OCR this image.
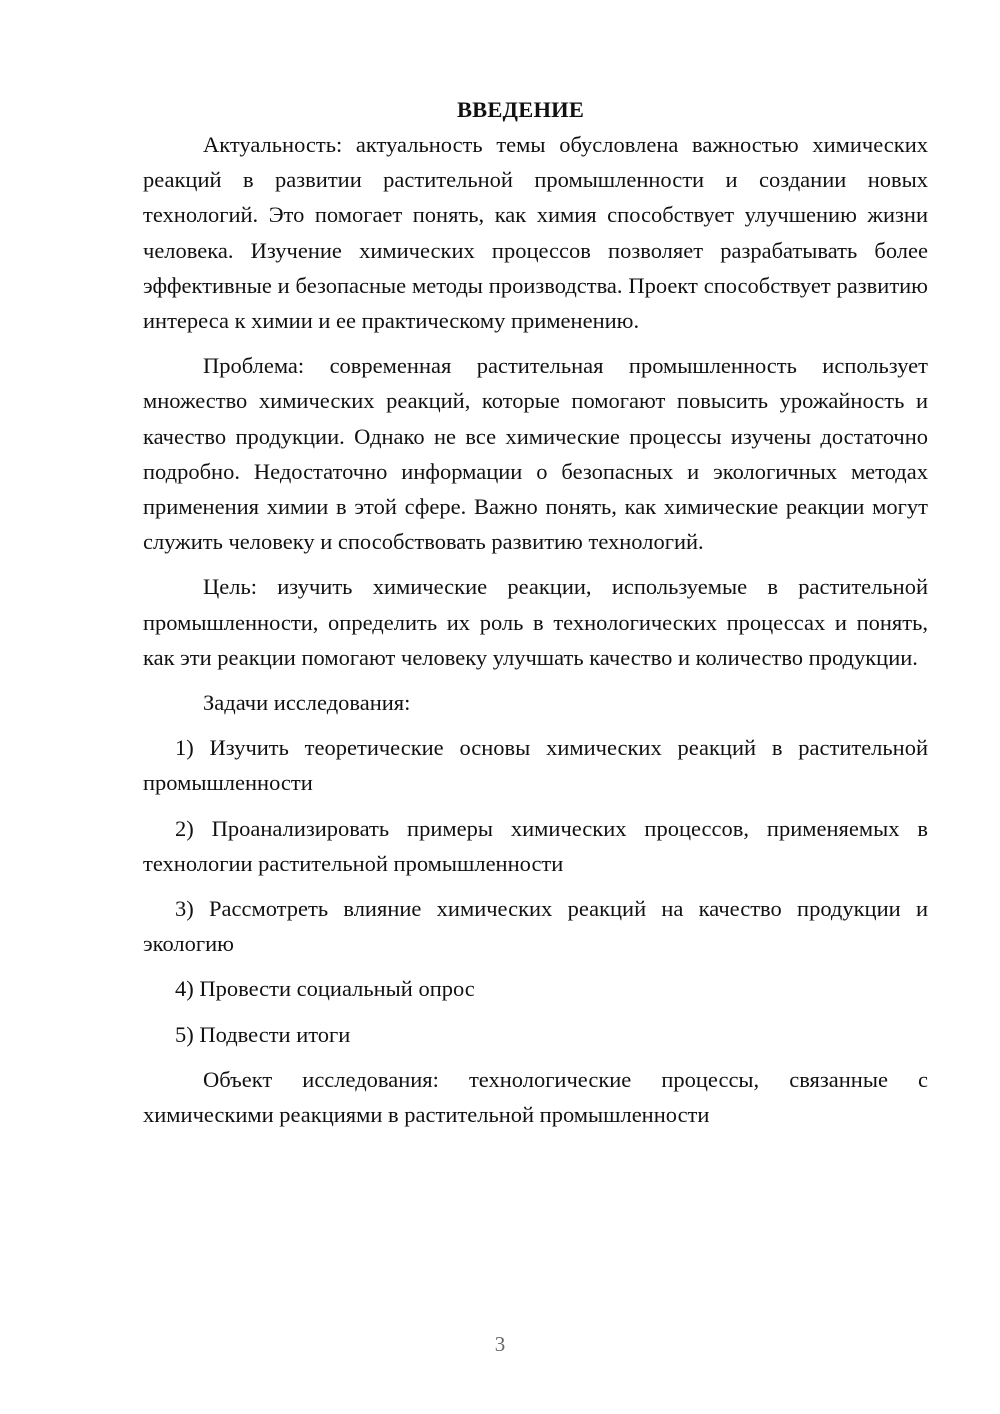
ВВЕДЕНИЕ

Актуальность: актуальность темы обусловлена важностью химических реакций в развитии растительной промышленности и создании новых технологий. Это помогает понять, как химия способствует улучшению жизни человека. Изучение химических процессов позволяет разрабатывать более эффективные и безопасные методы производства. Проект способствует развитию интереса к химии и ее практическому применению.

Проблема: современная растительная промышленность использует множество химических реакций, которые помогают повысить урожайность и качество продукции. Однако не все химические процессы изучены достаточно подробно. Недостаточно информации о безопасных и экологичных методах применения химии в этой сфере. Важно понять, как химические реакции могут служить человеку и способствовать развитию технологий.

Цель: изучить химические реакции, используемые в растительной промышленности, определить их роль в технологических процессах и понять, как эти реакции помогают человеку улучшать качество и количество продукции.

Задачи исследования:

1) Изучить теоретические основы химических реакций в растительной промышленности

2) Проанализировать примеры химических процессов, применяемых в технологии растительной промышленности

3) Рассмотреть влияние химических реакций на качество продукции и экологию

4) Провести социальный опрос

5) Подвести итоги

Объект исследования: технологические процессы, связанные с химическими реакциями в растительной промышленности

3
